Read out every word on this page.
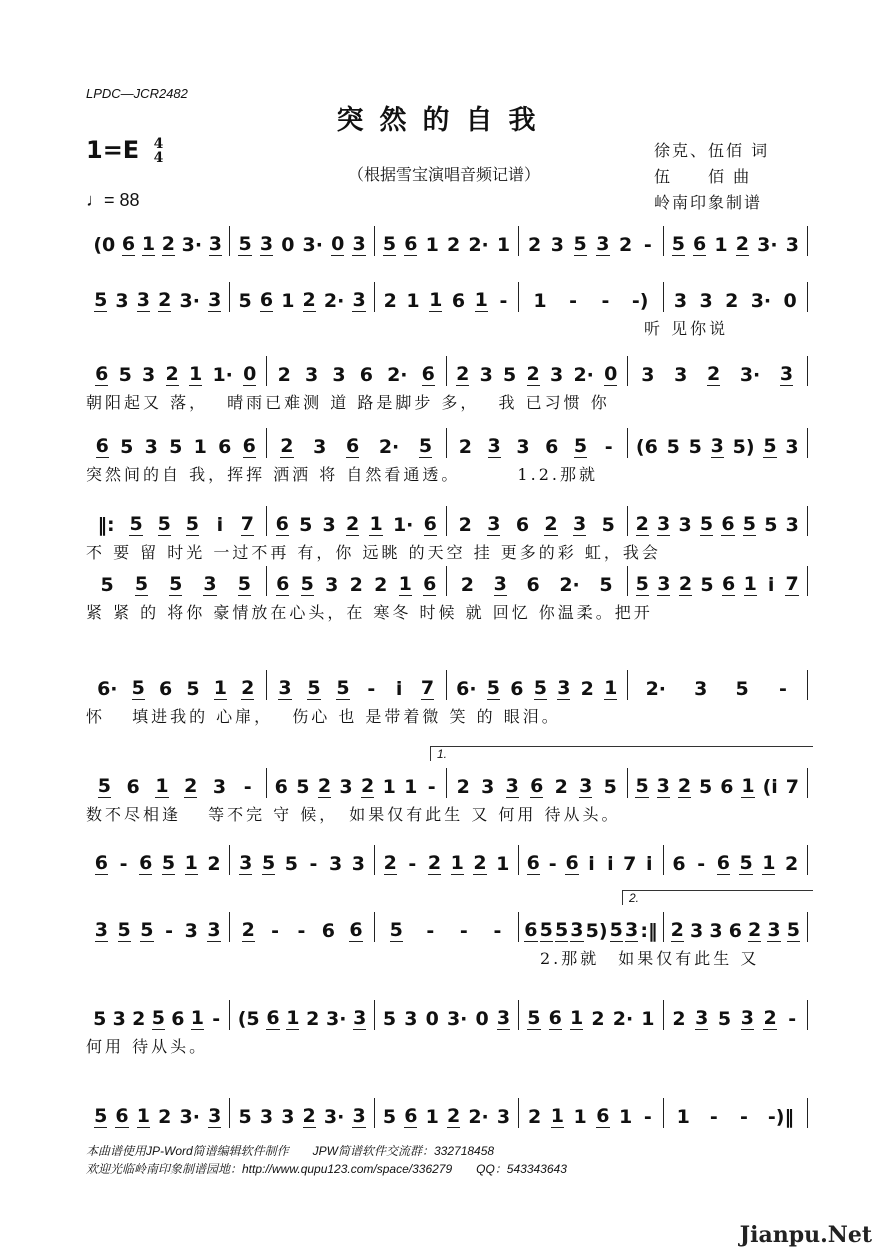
LPDC—JCR2482
突然的自我
1=E 4
4
♩= 88
（根据雪宝演唱音频记谱）
徐克、伍佰 词
伍　　佰 曲
岭南印象制谱
(0 6 1 2 3· 3 5 3 0 3· 0 3 5 6 1 2 2· 1 2 3 5 3 2 - 5 6 1 2 3· 3
5 3 3 2 3· 3 5 6 1 2 2· 3 2 1 1 6 1 - 1 - - -) 3 3 2 3· 0
听 见你说
6 5 3 2 1 1· 0 2 3 3 6 2· 6 2 3 5 2 3 2· 0 3 3 2 3· 3
朝阳起又 落，　 晴雨已难测 道 路是脚步 多，　 我 已习惯 你
6 5 3 5 1 6 6 2 3 6 2· 5 2 3 3 6 5 - (6 5 5 3 5) 5 3
突然间的自 我，挥挥 洒洒 将 自然看通透。　　　 1.2.那就
‖: 5 5 5 i 7 6 5 3 2 1 1· 6 2 3 6 2 3 5 2 3 3 5 6 5 5 3
不 要 留 时光 一过不再 有，你 远眺 的天空 挂 更多的彩 虹，我会
5 5 5 3 5 6 5 3 2 2 1 6 2 3 6 2· 5 5 3 2 5 6 1 i 7
紧 紧 的 将你 豪情放在心头，在 寒冬 时候 就 回忆 你温柔。把开
6· 5 6 5 1 2 3 5 5 - i 7 6· 5 6 5 3 2 1 2· 3 5 -
怀　 填进我的 心扉，　 伤心 也 是带着微 笑 的 眼泪。
1.
5 6 1 2 3 - 6 5 2 3 2 1 1 - 2 3 3 6 2 3 5 5 3 2 5 6 1 (i 7
数不尽相逢　 等不完 守 候，　如果仅有此生 又 何用 待从头。
6 - 6 5 1 2 3 5 5 - 3 3 2 - 2 1 2 1 6 - 6 i i 7 i 6 - 6 5 1 2
2.
3 5 5 - 3 3 2 - - 6 6 5 - - - 6 5 5 3 5) 5 3 :‖ 2 3 3 6 2 3 5
2.那就　如果仅有此生 又
5 3 2 5 6 1 - (5 6 1 2 3· 3 5 3 0 3· 0 3 5 6 1 2 2· 1 2 3 5 3 2 -
何用 待从头。
5 6 1 2 3· 3 5 3 3 2 3· 3 5 6 1 2 2· 3 2 1 1 6 1 - 1 - - -)‖
本曲谱使用JP-Word简谱编辑软件制作　　JPW简谱软件交流群：332718458
欢迎光临岭南印象制谱园地：http://www.qupu123.com/space/336279　　QQ：543343643
Jianpu.Net
